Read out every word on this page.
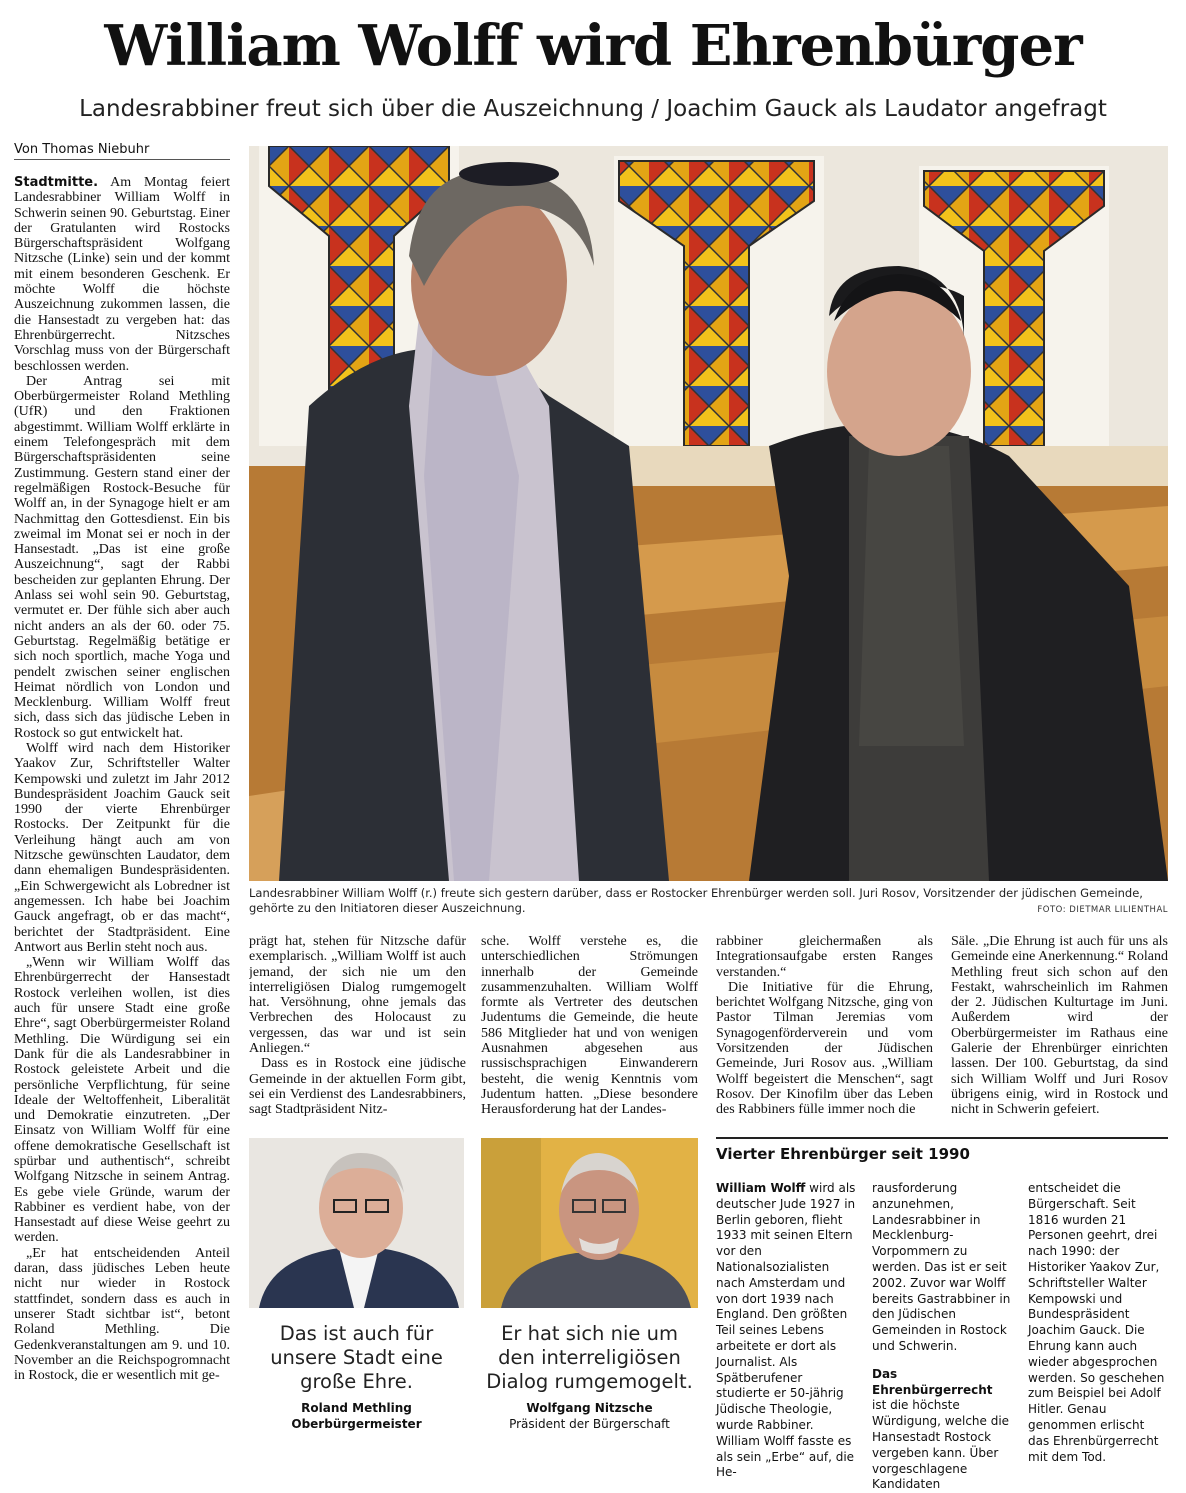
William Wolff wird Ehrenbürger
Landesrabbiner freut sich über die Auszeichnung / Joachim Gauck als Laudator angefragt
Von Thomas Niebuhr

Stadtmitte. Am Montag feiert Landesrabbiner William Wolff in Schwerin seinen 90. Geburtstag. Einer der Gratulanten wird Rostocks Bürgerschaftspräsident Wolfgang Nitzsche (Linke) sein und der kommt mit einem besonderen Geschenk. Er möchte Wolff die höchste Auszeichnung zukommen lassen, die die Hansestadt zu vergeben hat: das Ehrenbürgerrecht. Nitzsches Vorschlag muss von der Bürgerschaft beschlossen werden.

Der Antrag sei mit Oberbürgermeister Roland Methling (UfR) und den Fraktionen abgestimmt. William Wolff erklärte in einem Telefongespräch mit dem Bürgerschaftspräsidenten seine Zustimmung. Gestern stand einer der regelmäßigen Rostock-Besuche für Wolff an, in der Synagoge hielt er am Nachmittag den Gottesdienst. Ein bis zweimal im Monat sei er noch in der Hansestadt. „Das ist eine große Auszeichnung“, sagt der Rabbi bescheiden zur geplanten Ehrung. Der Anlass sei wohl sein 90. Geburtstag, vermutet er. Der fühle sich aber auch nicht anders an als der 60. oder 75. Geburtstag. Regelmäßig betätige er sich noch sportlich, mache Yoga und pendelt zwischen seiner englischen Heimat nördlich von London und Mecklenburg. William Wolff freut sich, dass sich das jüdische Leben in Rostock so gut entwickelt hat.

Wolff wird nach dem Historiker Yaakov Zur, Schriftsteller Walter Kempowski und zuletzt im Jahr 2012 Bundespräsident Joachim Gauck seit 1990 der vierte Ehrenbürger Rostocks. Der Zeitpunkt für die Verleihung hängt auch am von Nitzsche gewünschten Laudator, dem dann ehemaligen Bundespräsidenten. „Ein Schwergewicht als Lobredner ist angemessen. Ich habe bei Joachim Gauck angefragt, ob er das macht“, berichtet der Stadtpräsident. Eine Antwort aus Berlin steht noch aus.

„Wenn wir William Wolff das Ehrenbürgerrecht der Hansestadt Rostock verleihen wollen, ist dies auch für unsere Stadt eine große Ehre“, sagt Oberbürgermeister Roland Methling. Die Würdigung sei ein Dank für die als Landesrabbiner in Rostock geleistete Arbeit und die persönliche Verpflichtung, für seine Ideale der Weltoffenheit, Liberalität und Demokratie einzutreten. „Der Einsatz von William Wolff für eine offene demokratische Gesellschaft ist spürbar und authentisch“, schreibt Wolfgang Nitzsche in seinem Antrag. Es gebe viele Gründe, warum der Rabbiner es verdient habe, von der Hansestadt auf diese Weise geehrt zu werden.

„Er hat entscheidenden Anteil daran, dass jüdisches Leben heute nicht nur wieder in Rostock stattfindet, sondern dass es auch in unserer Stadt sichtbar ist“, betont Roland Methling. Die Gedenkveranstaltungen am 9. und 10. November an die Reichspogromnacht in Rostock, die er wesentlich mit ge-

Landesrabbiner William Wolff (r.) freute sich gestern darüber, dass er Rostocker Ehrenbürger werden soll. Juri Rosov, Vorsitzender der jüdischen Gemeinde, gehörte zu den Initiatoren dieser Auszeichnung.	FOTO: DIETMAR LILIENTHAL

prägt hat, stehen für Nitzsche dafür exemplarisch. „William Wolff ist auch jemand, der sich nie um den interreligiösen Dialog rumgemogelt hat. Versöhnung, ohne jemals das Verbrechen des Holocaust zu vergessen, das war und ist sein Anliegen.“

Dass es in Rostock eine jüdische Gemeinde in der aktuellen Form gibt, sei ein Verdienst des Landesrabbiners, sagt Stadtpräsident Nitz-

sche. Wolff verstehe es, die unterschiedlichen Strömungen innerhalb der Gemeinde zusammenzuhalten. William Wolff formte als Vertreter des deutschen Judentums die Gemeinde, die heute 586 Mitglieder hat und von wenigen Ausnahmen abgesehen aus russischsprachigen Einwanderern besteht, die wenig Kenntnis vom Judentum hatten. „Diese besondere Herausforderung hat der Landes-

rabbiner gleichermaßen als Integrationsaufgabe ersten Ranges verstanden.“

Die Initiative für die Ehrung, berichtet Wolfgang Nitzsche, ging von Pastor Tilman Jeremias vom Synagogenförderverein und vom Vorsitzenden der Jüdischen Gemeinde, Juri Rosov aus. „William Wolff begeistert die Menschen“, sagt Rosov. Der Kinofilm über das Leben des Rabbiners fülle immer noch die

Säle. „Die Ehrung ist auch für uns als Gemeinde eine Anerkennung.“ Roland Methling freut sich schon auf den Festakt, wahrscheinlich im Rahmen der 2. Jüdischen Kulturtage im Juni. Außerdem wird der Oberbürgermeister im Rathaus eine Galerie der Ehrenbürger einrichten lassen. Der 100. Geburtstag, da sind sich William Wolff und Juri Rosov übrigens einig, wird in Rostock und nicht in Schwerin gefeiert.

Das ist auch für unsere Stadt eine große Ehre.
Roland Methling
Oberbürgermeister
Er hat sich nie um den interreligiösen Dialog rumgemogelt.
Wolfgang Nitzsche
Präsident der Bürgerschaft
Vierter Ehrenbürger seit 1990

William Wolff wird als deutscher Jude 1927 in Berlin geboren, flieht 1933 mit seinen Eltern vor den Nationalsozialisten nach Amsterdam und von dort 1939 nach England. Den größten Teil seines Lebens arbeitete er dort als Journalist. Als Spätberufener studierte er 50-jährig Jüdische Theologie, wurde Rabbiner. William Wolff fasste es als sein „Erbe“ auf, die He-

rausforderung anzunehmen, Landesrabbiner in Mecklenburg-Vorpommern zu werden. Das ist er seit 2002. Zuvor war Wolff bereits Gastrabbiner in den Jüdischen Gemeinden in Rostock und Schwerin.

Das Ehrenbürgerrecht

ist die höchste Würdigung, welche die Hansestadt Rostock vergeben kann. Über vorgeschlagene Kandidaten

entscheidet die Bürgerschaft. Seit 1816 wurden 21 Personen geehrt, drei nach 1990: der Historiker Yaakov Zur, Schriftsteller Walter Kempowski und Bundespräsident Joachim Gauck. Die Ehrung kann auch wieder abgesprochen werden. So geschehen zum Beispiel bei Adolf Hitler. Genau genommen erlischt das Ehrenbürgerrecht mit dem Tod.
